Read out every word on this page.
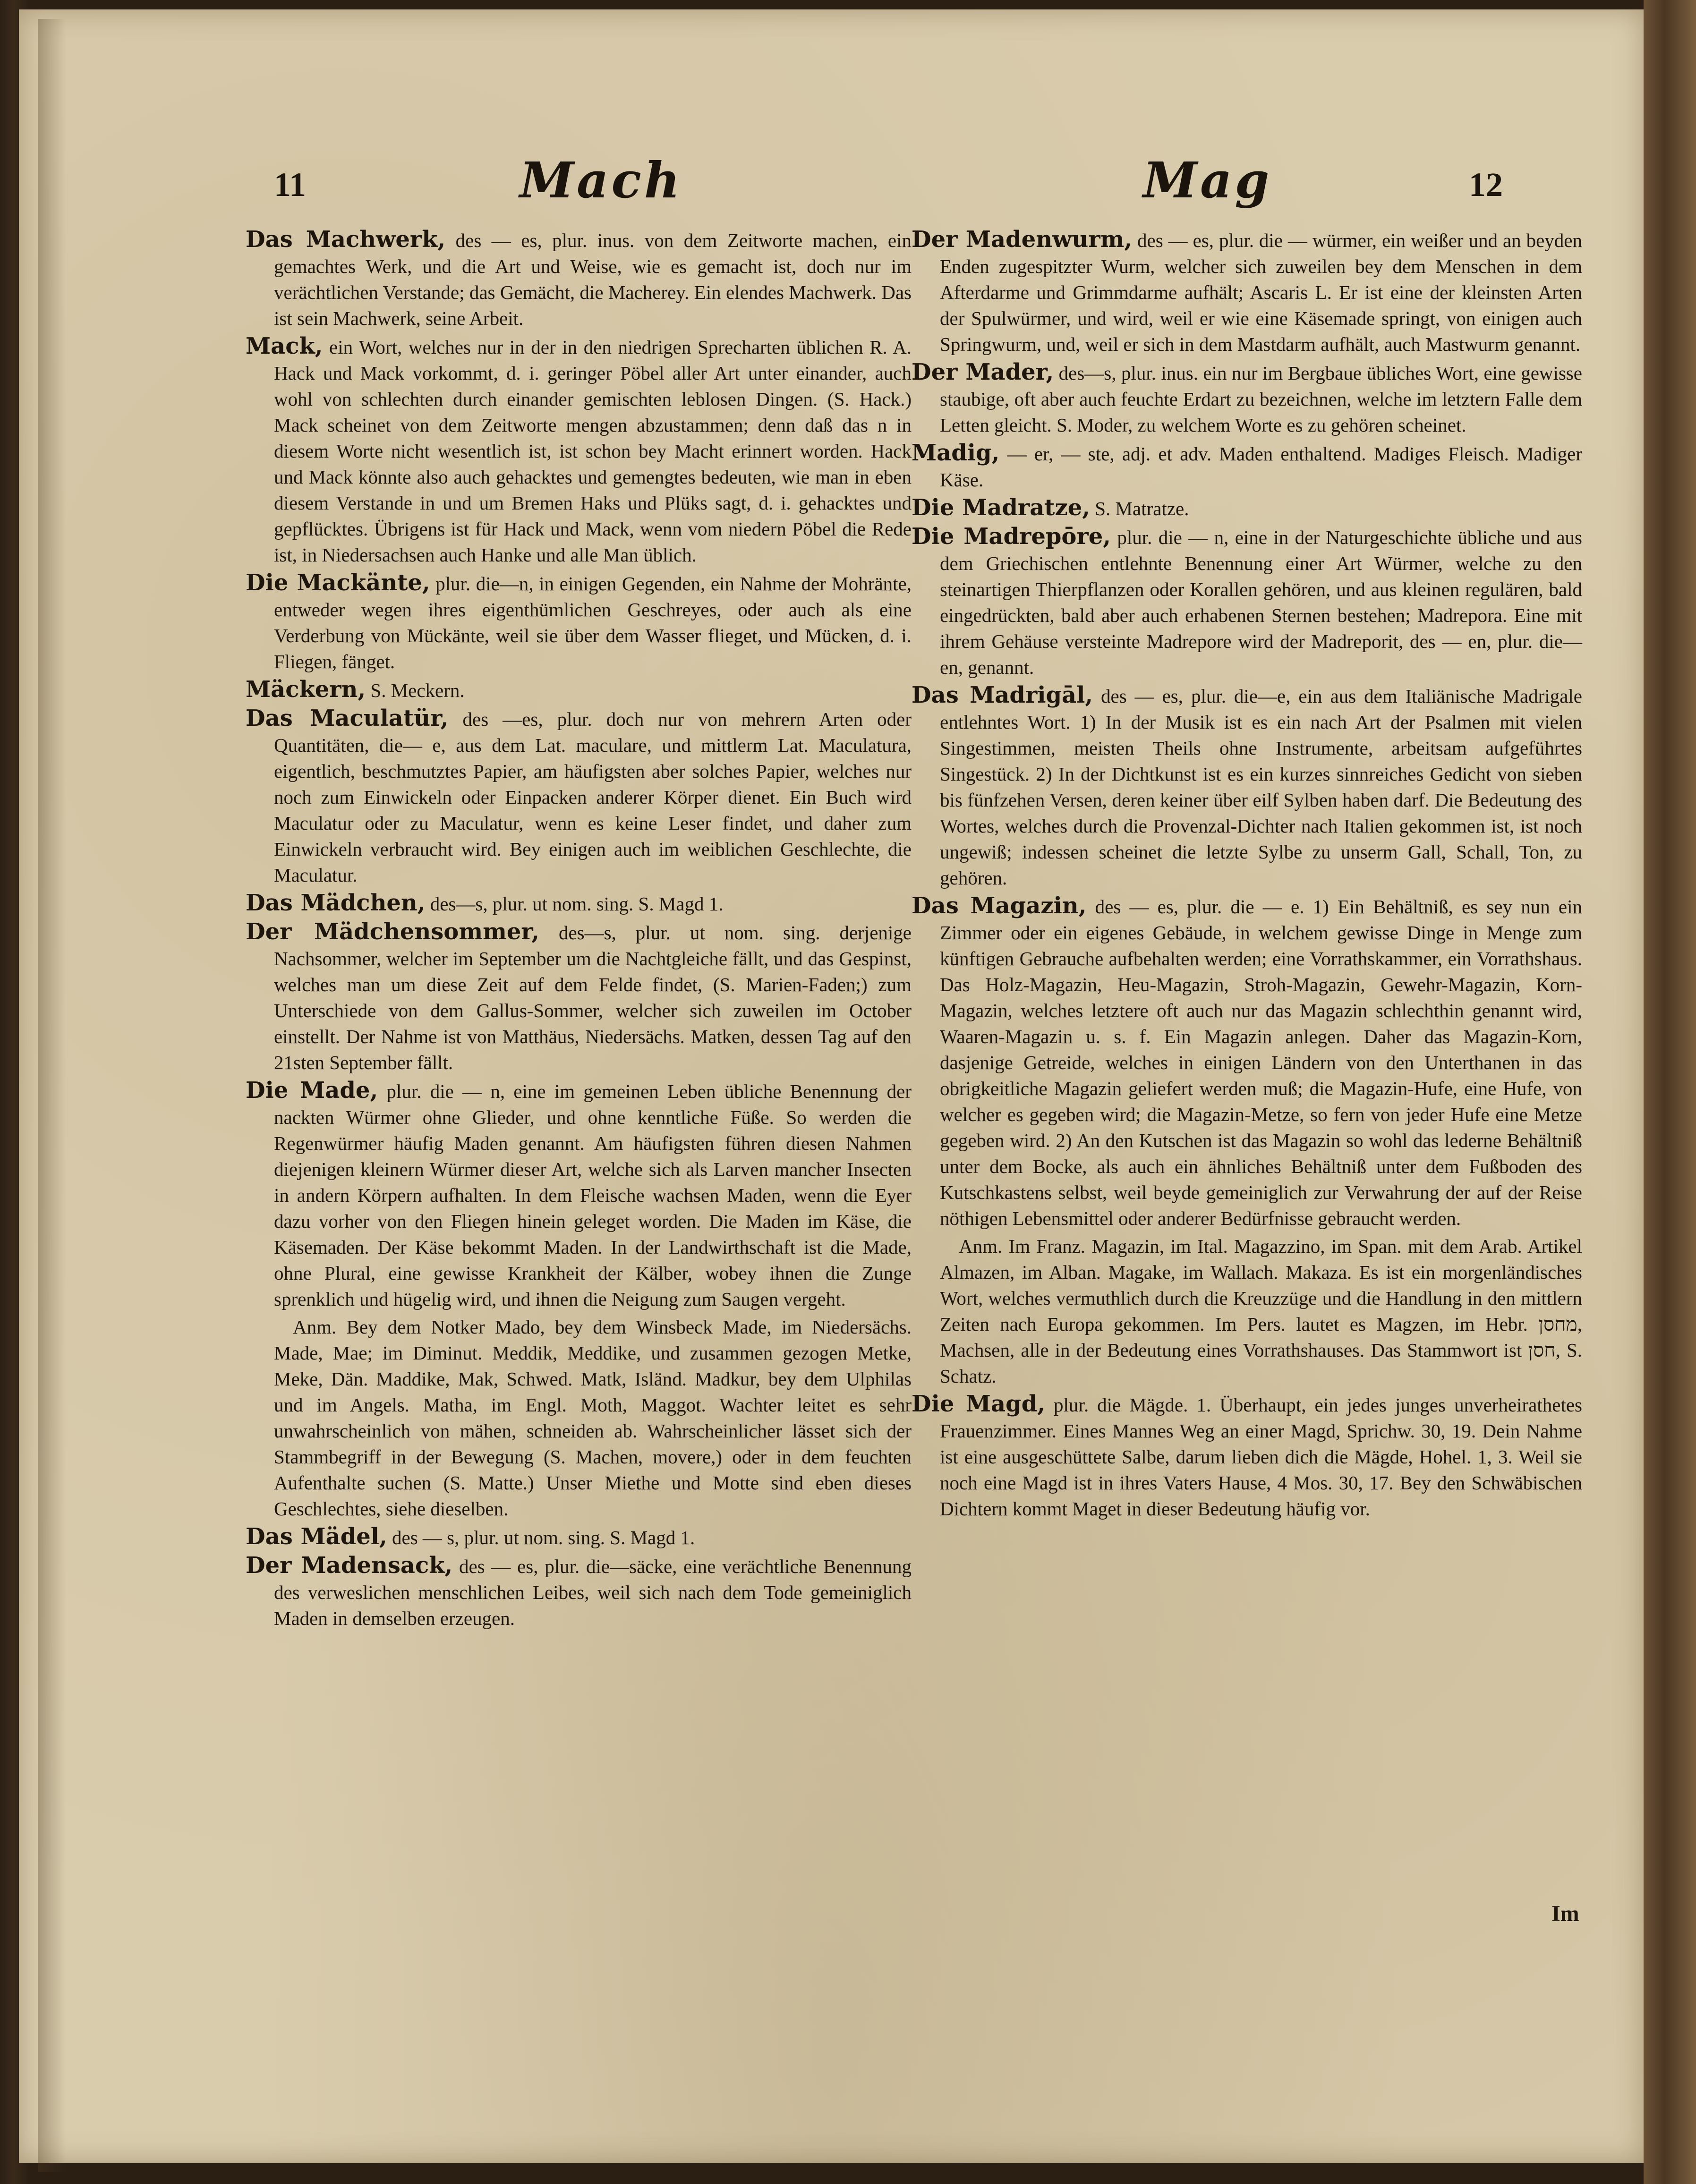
11	Mach	Mag	12

Das Machwerk, des — es, plur. inus. von dem Zeitworte machen, ein gemachtes Werk, und die Art und Weise, wie es gemacht ist, doch nur im verächtlichen Verstande; das Gemächt, die Macherey. Ein elendes Machwerk. Das ist sein Machwerk, seine Arbeit.

Mack, ein Wort, welches nur in der in den niedrigen Sprecharten üblichen R. A. Hack und Mack vorkommt, d. i. geringer Pöbel aller Art unter einander, auch wohl von schlechten durch einander gemischten leblosen Dingen. (S. Hack.) Mack scheinet von dem Zeitworte mengen abzustammen; denn daß das n in diesem Worte nicht wesentlich ist, ist schon bey Macht erinnert worden. Hack und Mack könnte also auch gehacktes und gemengtes bedeuten, wie man in eben diesem Verstande in und um Bremen Haks und Plüks sagt, d. i. gehacktes und gepflücktes. Übrigens ist für Hack und Mack, wenn vom niedern Pöbel die Rede ist, in Niedersachsen auch Hanke und alle Man üblich.

Die Mackänte, plur. die—n, in einigen Gegenden, ein Nahme der Mohränte, entweder wegen ihres eigenthümlichen Geschreyes, oder auch als eine Verderbung von Mückänte, weil sie über dem Wasser flieget, und Mücken, d. i. Fliegen, fänget.

Mäckern, S. Meckern.

Das Maculatür, des —es, plur. doch nur von mehrern Arten oder Quantitäten, die— e, aus dem Lat. maculare, und mittlerm Lat. Maculatura, eigentlich, beschmutztes Papier, am häufigsten aber solches Papier, welches nur noch zum Einwickeln oder Einpacken anderer Körper dienet. Ein Buch wird Maculatur oder zu Maculatur, wenn es keine Leser findet, und daher zum Einwickeln verbraucht wird. Bey einigen auch im weiblichen Geschlechte, die Maculatur.

Das Mädchen, des—s, plur. ut nom. sing. S. Magd 1.

Der Mädchensommer, des—s, plur. ut nom. sing. derjenige Nachsommer, welcher im September um die Nachtgleiche fällt, und das Gespinst, welches man um diese Zeit auf dem Felde findet, (S. Marien-Faden;) zum Unterschiede von dem Gallus-Sommer, welcher sich zuweilen im October einstellt. Der Nahme ist von Matthäus, Niedersächs. Matken, dessen Tag auf den 21sten September fällt.

Die Made, plur. die — n, eine im gemeinen Leben übliche Benennung der nackten Würmer ohne Glieder, und ohne kenntliche Füße. So werden die Regenwürmer häufig Maden genannt. Am häufigsten führen diesen Nahmen diejenigen kleinern Würmer dieser Art, welche sich als Larven mancher Insecten in andern Körpern aufhalten. In dem Fleische wachsen Maden, wenn die Eyer dazu vorher von den Fliegen hinein geleget worden. Die Maden im Käse, die Käsemaden. Der Käse bekommt Maden. In der Landwirthschaft ist die Made, ohne Plural, eine gewisse Krankheit der Kälber, wobey ihnen die Zunge sprenklich und hügelig wird, und ihnen die Neigung zum Saugen vergeht.

Anm. Bey dem Notker Mado, bey dem Winsbeck Made, im Niedersächs. Made, Mae; im Diminut. Meddik, Meddike, und zusammen gezogen Metke, Meke, Dän. Maddike, Mak, Schwed. Matk, Isländ. Madkur, bey dem Ulphilas und im Angels. Matha, im Engl. Moth, Maggot. Wachter leitet es sehr unwahrscheinlich von mähen, schneiden ab. Wahrscheinlicher lässet sich der Stammbegriff in der Bewegung (S. Machen, movere,) oder in dem feuchten Aufenthalte suchen (S. Matte.) Unser Miethe und Motte sind eben dieses Geschlechtes, siehe dieselben.

Das Mädel, des — s, plur. ut nom. sing. S. Magd 1.

Der Madensack, des — es, plur. die—säcke, eine verächtliche Benennung des verweslichen menschlichen Leibes, weil sich nach dem Tode gemeiniglich Maden in demselben erzeugen.

Der Madenwurm, des — es, plur. die — würmer, ein weißer und an beyden Enden zugespitzter Wurm, welcher sich zuweilen bey dem Menschen in dem Afterdarme und Grimmdarme aufhält; Ascaris L. Er ist eine der kleinsten Arten der Spulwürmer, und wird, weil er wie eine Käsemade springt, von einigen auch Springwurm, und, weil er sich in dem Mastdarm aufhält, auch Mastwurm genannt.

Der Mader, des—s, plur. inus. ein nur im Bergbaue übliches Wort, eine gewisse staubige, oft aber auch feuchte Erdart zu bezeichnen, welche im letztern Falle dem Letten gleicht. S. Moder, zu welchem Worte es zu gehören scheinet.

Madig, — er, — ste, adj. et adv. Maden enthaltend. Madiges Fleisch. Madiger Käse.

Die Madratze, S. Matratze.

Die Madrepōre, plur. die — n, eine in der Naturgeschichte übliche und aus dem Griechischen entlehnte Benennung einer Art Würmer, welche zu den steinartigen Thierpflanzen oder Korallen gehören, und aus kleinen regulären, bald eingedrückten, bald aber auch erhabenen Sternen bestehen; Madrepora. Eine mit ihrem Gehäuse versteinte Madrepore wird der Madreporit, des — en, plur. die—en, genannt.

Das Madrigāl, des — es, plur. die—e, ein aus dem Italiänische Madrigale entlehntes Wort. 1) In der Musik ist es ein nach Art der Psalmen mit vielen Singestimmen, meisten Theils ohne Instrumente, arbeitsam aufgeführtes Singestück. 2) In der Dichtkunst ist es ein kurzes sinnreiches Gedicht von sieben bis fünfzehen Versen, deren keiner über eilf Sylben haben darf. Die Bedeutung des Wortes, welches durch die Provenzal-Dichter nach Italien gekommen ist, ist noch ungewiß; indessen scheinet die letzte Sylbe zu unserm Gall, Schall, Ton, zu gehören.

Das Magazin, des — es, plur. die — e. 1) Ein Behältniß, es sey nun ein Zimmer oder ein eigenes Gebäude, in welchem gewisse Dinge in Menge zum künftigen Gebrauche aufbehalten werden; eine Vorrathskammer, ein Vorrathshaus. Das Holz-Magazin, Heu-Magazin, Stroh-Magazin, Gewehr-Magazin, Korn-Magazin, welches letztere oft auch nur das Magazin schlechthin genannt wird, Waaren-Magazin u. s. f. Ein Magazin anlegen. Daher das Magazin-Korn, dasjenige Getreide, welches in einigen Ländern von den Unterthanen in das obrigkeitliche Magazin geliefert werden muß; die Magazin-Hufe, eine Hufe, von welcher es gegeben wird; die Magazin-Metze, so fern von jeder Hufe eine Metze gegeben wird. 2) An den Kutschen ist das Magazin so wohl das lederne Behältniß unter dem Bocke, als auch ein ähnliches Behältniß unter dem Fußboden des Kutschkastens selbst, weil beyde gemeiniglich zur Verwahrung der auf der Reise nöthigen Lebensmittel oder anderer Bedürfnisse gebraucht werden.

Anm. Im Franz. Magazin, im Ital. Magazzino, im Span. mit dem Arab. Artikel Almazen, im Alban. Magake, im Wallach. Makaza. Es ist ein morgenländisches Wort, welches vermuthlich durch die Kreuzzüge und die Handlung in den mittlern Zeiten nach Europa gekommen. Im Pers. lautet es Magzen, im Hebr. מחסן, Machsen, alle in der Bedeutung eines Vorrathshauses. Das Stammwort ist חסן, S. Schatz.

Die Magd, plur. die Mägde. 1. Überhaupt, ein jedes junges unverheirathetes Frauenzimmer. Eines Mannes Weg an einer Magd, Sprichw. 30, 19. Dein Nahme ist eine ausgeschüttete Salbe, darum lieben dich die Mägde, Hohel. 1, 3. Weil sie noch eine Magd ist in ihres Vaters Hause, 4 Mos. 30, 17. Bey den Schwäbischen Dichtern kommt Maget in dieser Bedeutung häufig vor.

Im
